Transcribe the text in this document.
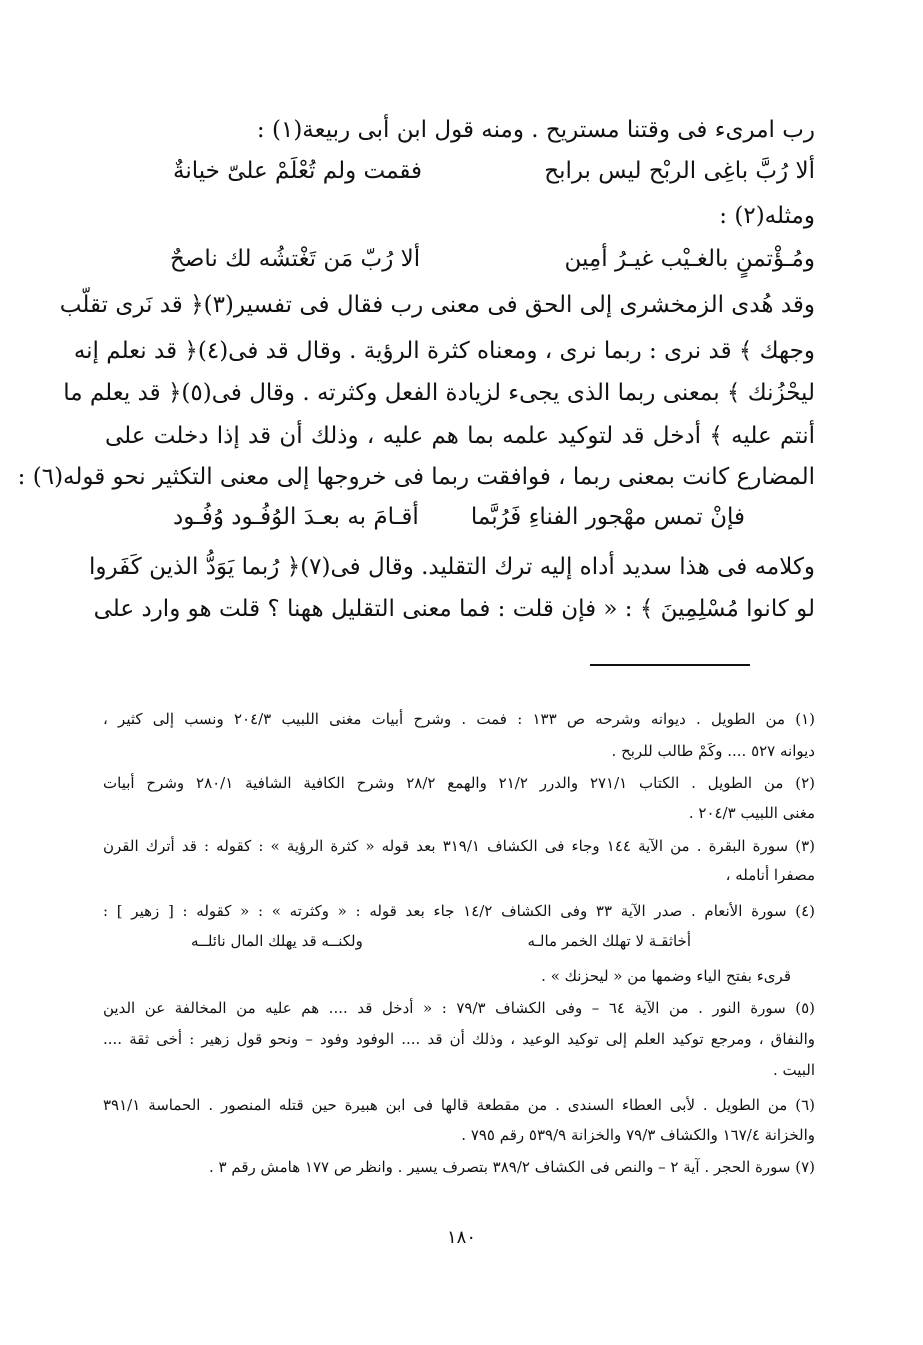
رب امرىء فى وقتنا مستريح . ومنه قول ابن أبى ربيعة(١) :
ألا رُبَّ باغِى الربْح ليس برابح
فقمت ولم تُعْلَمْ علىّ خيانةٌ
ومثله(٢) :
ومُـؤْتمنٍ بالغـيْب غيـرُ أمِين
ألا رُبّ مَن تَغْتشُه لك ناصحٌ
وقد هُدى الزمخشرى إلى الحق فى معنى رب فقال فى تفسير(٣)﴿ قد نَرى تقلّب
وجهك ﴾ قد نرى : ربما نرى ، ومعناه كثرة الرؤية . وقال قد فى(٤)﴿ قد نعلم إنه
ليحْزُنك ﴾ بمعنى ربما الذى يجىء لزيادة الفعل وكثرته . وقال فى(٥)﴿ قد يعلم ما
أنتم عليه ﴾ أدخل قد لتوكيد علمه بما هم عليه ، وذلك أن قد إذا دخلت على
المضارع كانت بمعنى ربما ، فوافقت ربما فى خروجها إلى معنى التكثير نحو قوله(٦) :
فإنْ تمس مهْجور الفناءِ فَرُبَّما
أقـامَ به بعـدَ الوُفُـود وُفُـود
وكلامه فى هذا سديد أداه إليه ترك التقليد. وقال فى(٧)﴿ رُبما يَوَدُّ الذين كَفَروا
لو كانوا مُسْلِمِينَ ﴾ : « فإن قلت : فما معنى التقليل ههنا ؟ قلت هو وارد على
(١) من الطويل . ديوانه وشرحه ص ١٣٣ : فمت . وشرح أبيات مغنى اللبيب ٢٠٤/٣ ونسب إلى كثير ،
ديوانه ٥٢٧ .... وكَمْ طالب للربح .
(٢) من الطويل . الكتاب ٢٧١/١ والدرر ٢١/٢ والهمع ٢٨/٢ وشرح الكافية الشافية ٢٨٠/١ وشرح أبيات
مغنى اللبيب ٢٠٤/٣ .
(٣) سورة البقرة . من الآية ١٤٤ وجاء فى الكشاف ٣١٩/١ بعد قوله « كثرة الرؤية » : كقوله : قد أترك القرن
مصفرا أنامله ،
(٤) سورة الأنعام . صدر الآية ٣٣ وفى الكشاف ١٤/٢ جاء بعد قوله : « وكثرته » : « كقوله : [ زهير ] :
أخاثقـة لا تهلك الخمر مالـه
ولكنــه قد يهلك المال نائلــه
قرىء بفتح الياء وضمها من « ليحزنك » .
(٥) سورة النور . من الآية ٦٤ – وفى الكشاف ٧٩/٣ : « أدخل قد .... هم عليه من المخالفة عن الدين
والنفاق ، ومرجع توكيد العلم إلى توكيد الوعيد ، وذلك أن قد .... الوفود وفود – ونحو قول زهير : أخى ثقة ....
البيت .
(٦) من الطويل . لأبى العطاء السندى . من مقطعة قالها فى ابن هبيرة حين قتله المنصور . الحماسة ٣٩١/١
والخزانة ١٦٧/٤ والكشاف ٧٩/٣ والخزانة ٥٣٩/٩ رقم ٧٩٥ .
(٧) سورة الحجر . آية ٢ – والنص فى الكشاف ٣٨٩/٢ بتصرف يسير . وانظر ص ١٧٧ هامش رقم ٣ .
١٨٠
